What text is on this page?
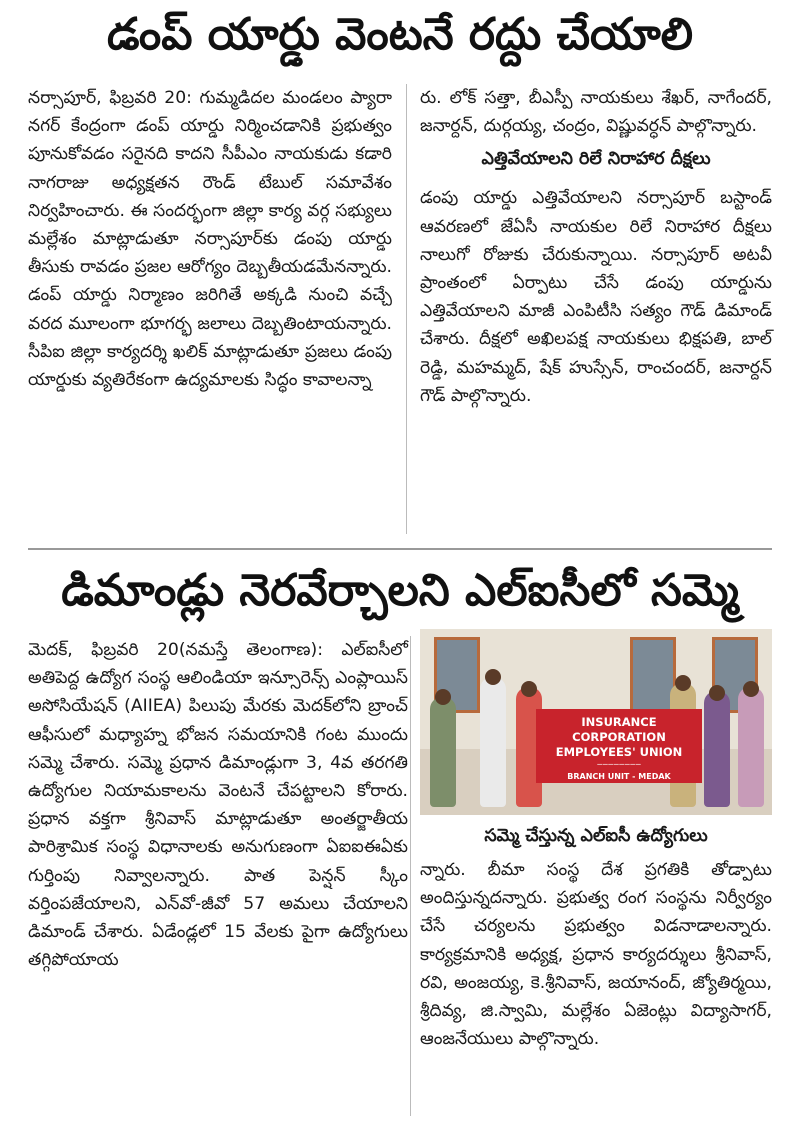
డంప్ యార్డు వెంటనే రద్దు చేయాలి

నర్సాపూర్, ఫిబ్రవరి 20: గుమ్మడిదల మండలం ప్యారా నగర్ కేంద్రంగా డంప్ యార్డు నిర్మించడానికి ప్రభుత్వం పూనుకోవడం సరైనది కాదని సీపీఎం నాయకుడు కడారి నాగరాజు అధ్యక్షతన రౌండ్ టేబుల్ సమావేశం నిర్వహించారు. ఈ సందర్భంగా జిల్లా కార్య వర్గ సభ్యులు మల్లేశం మాట్లాడుతూ నర్సాపూర్‌కు డంపు యార్డు తీసుకు రావడం ప్రజల ఆరోగ్యం దెబ్బతీయడమేనన్నారు. డంప్ యార్డు నిర్మాణం జరిగితే అక్కడి నుంచి వచ్చే వరద మూలంగా భూగర్భ జలాలు దెబ్బతింటాయన్నారు. సీపిఐ జిల్లా కార్యదర్శి ఖలిక్ మాట్లాడుతూ ప్రజలు డంపు యార్డుకు వ్యతిరేకంగా ఉద్యమాలకు సిద్ధం కావాలన్నా

రు. లోక్ సత్తా, బీఎస్పీ నాయకులు శేఖర్, నాగేందర్, జనార్దన్, దుర్గయ్య, చంద్రం, విష్ణువర్ధన్ పాల్గొన్నారు.

ఎత్తివేయాలని రిలే నిరాహార దీక్షలు

డంపు యార్డు ఎత్తివేయాలని నర్సాపూర్ బస్టాండ్ ఆవరణలో జేఏసీ నాయకుల రిలే నిరాహార దీక్షలు నాలుగో రోజుకు చేరుకున్నాయి. నర్సాపూర్ అటవీ ప్రాంతంలో ఏర్పాటు చేసే డంపు యార్డును ఎత్తివేయాలని మాజీ ఎంపిటీసి సత్యం గౌడ్ డిమాండ్ చేశారు. దీక్షలో అఖిలపక్ష నాయకులు భిక్షపతి, బాల్ రెడ్డి, మహమ్మద్, షేక్ హుస్సేన్, రాంచందర్, జనార్దన్ గౌడ్ పాల్గొన్నారు.

డిమాండ్లు నెరవేర్చాలని ఎల్ఐసీలో సమ్మె

మెదక్, ఫిబ్రవరి 20(నమస్తే తెలంగాణ): ఎల్ఐసీలో అతిపెద్ద ఉద్యోగ సంస్థ ఆలిండియా ఇన్సూరెన్స్ ఎంప్లాయిస్ అసోసియేషన్ (AIIEA) పిలుపు మేరకు మెదక్‌లోని బ్రాంచ్ ఆఫీసులో మధ్యాహ్న భోజన సమయానికి గంట ముందు సమ్మె చేశారు. సమ్మె ప్రధాన డిమాండ్లుగా 3, 4వ తరగతి ఉద్యోగుల నియామకాలను వెంటనే చేపట్టాలని కోరారు. ప్రధాన వక్తగా శ్రీనివాస్ మాట్లాడుతూ అంతర్జాతీయ పారిశ్రామిక సంస్థ విధానాలకు అనుగుణంగా ఏఐఐఈఏకు గుర్తింపు నివ్వాలన్నారు. పాత పెన్షన్ స్కీం వర్తింపజేయాలని, ఎన్‌వో-జీవో 57 అమలు చేయాలని డిమాండ్ చేశారు. ఏడేండ్లలో 15 వేలకు పైగా ఉద్యోగులు తగ్గిపోయాయ

INSURANCE CORPORATION
EMPLOYEES' UNION
————————
BRANCH UNIT - MEDAK
సమ్మె చేస్తున్న ఎల్ఐసీ ఉద్యోగులు

న్నారు. బీమా సంస్థ దేశ ప్రగతికి తోడ్పాటు అందిస్తున్నదన్నారు. ప్రభుత్వ రంగ సంస్థను నిర్వీర్యం చేసే చర్యలను ప్రభుత్వం విడనాడాలన్నారు. కార్యక్రమానికి అధ్యక్ష, ప్రధాన కార్యదర్శులు శ్రీనివాస్, రవి, అంజయ్య, కె.శ్రీనివాస్, జయానంద్, జ్యోతిర్మయి, శ్రీదివ్య, జి.స్వామి, మల్లేశం ఏజెంట్లు విద్యాసాగర్, ఆంజనేయులు పాల్గొన్నారు.
